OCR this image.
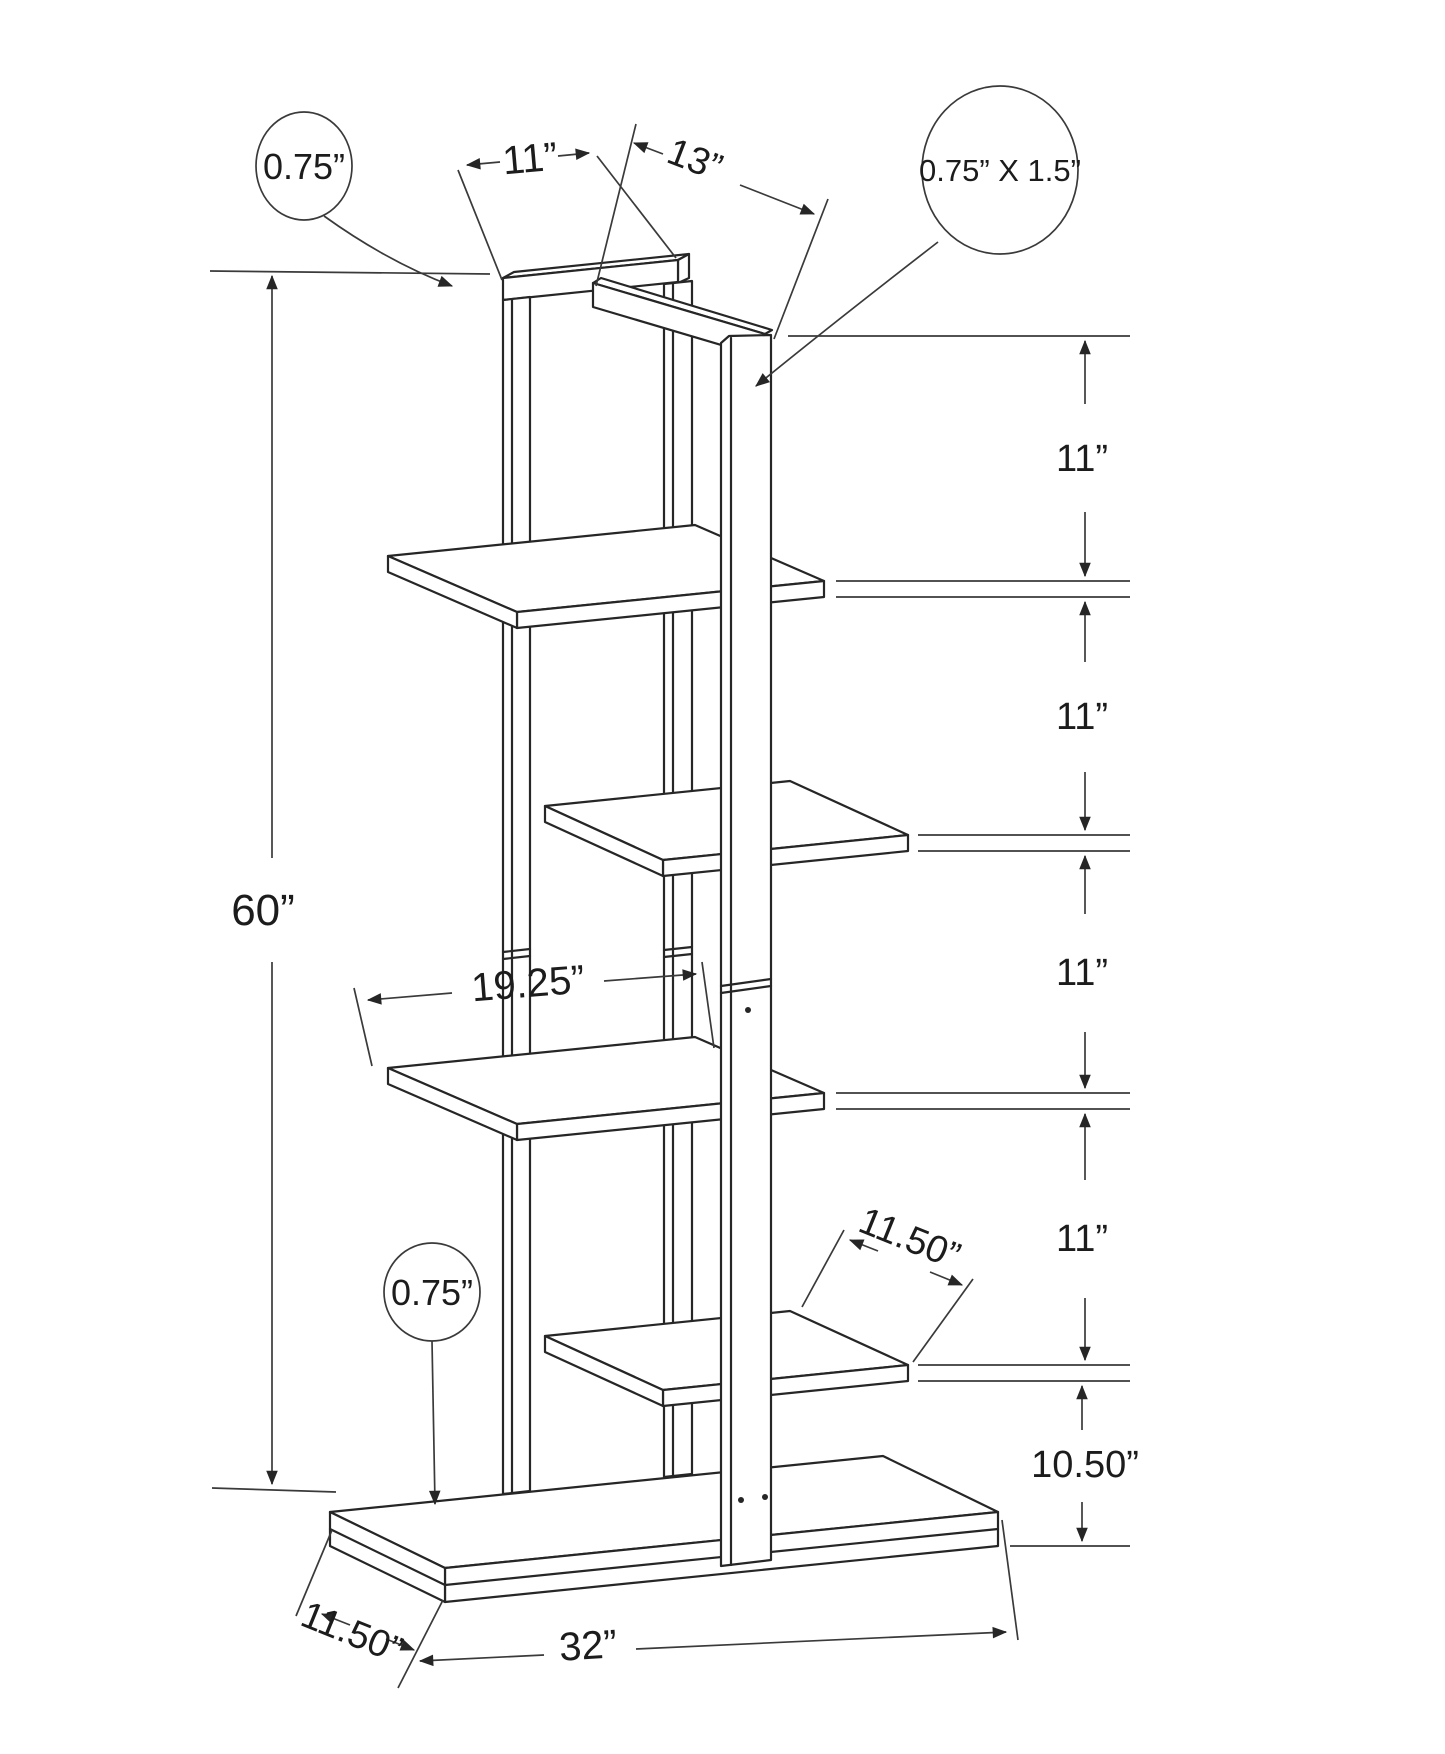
60”
11”	13”
0.75”	0.75” X 1.5”
11”
11”
11”
11”
10.50”
19.25”
11.50”
0.75”
11.50”	32”
